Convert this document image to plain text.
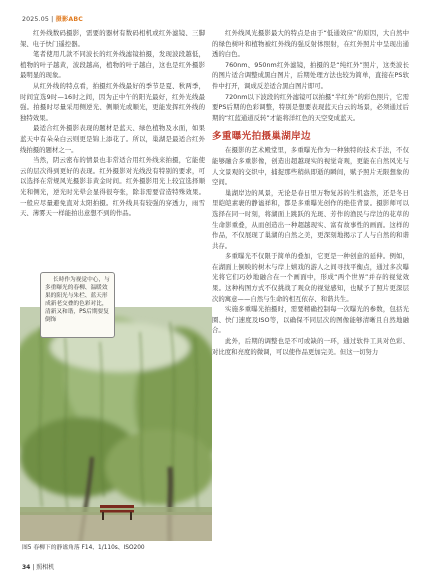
2025.05 | 摄影ABC

红外线数码摄影，需要的器材有数码相机或红外滤镜、三脚架、电子快门遥控器。

笔者使用几款不同波长的红外线滤镜拍摄，发现波段越低，植物的叶子越黄，波段越高，植物的叶子越白，这也是红外摄影最明显的现象。

从红外线的特点看，拍摄红外线最好的季节是夏、秋两季，时间宜选9时—16时之间，因为正中午的阳光最好，红外光线最强。拍摄时尽量采用侧逆光、侧顺光或顺光，更能发挥红外线的独特效果。

最适合红外摄影表现的题材是蓝天、绿色植物及水面，如果蓝天中有朵朵白云则更是锦上添花了。所以，巢湖是最适合红外线拍摄的题材之一。

当然，阴云密布的情景也非常适合用红外线来拍摄，它能使云的层次得到更好的表现。红外摄影对光线没有特别的要求，可以选择在常规风光摄影非黄金时间。红外摄影用光上较宜选择顺光和侧光，逆光时光晕会显得很夸张，除非需要营造特殊效果。一般应尽量避免直对太阳拍摄。红外线具有较强的穿透力，雨雪天、薄雾天一样能拍出意想不到的作品。

长時作为视觉中心，与多重曝光的春柳、温暖效果的阳光与朱栏、蓝天形成新老交叠的色彩对比，清新又和谐，PS后期要复倒饰
图5 春柳下的静谧角落 F14、1/110s、ISO200

红外线风光摄影最大的特点是由于“低通效应”的原因，大自然中的绿色树叶和植物被红外线的强反射体照射，在红外照片中呈现出通透的白色。

760nm、950nm红外滤镜，拍摄的是“纯红外”照片，这类波长的图片适合调整成黑白图片，后期处理方法也较为简单，直接在PS软件中打开，调成反差适合黑白图片即可。

720nm以下波段的红外滤镜可以拍摄“半红外”的彩色照片，它需要PS后期的色彩调整，特别是想要表现蓝天白云的场景，必须通过后期的“红蓝通道反转”才能将洋红色的天空变成蓝天。

多重曝光拍摄巢湖岸边

在摄影的艺术殿堂里，多重曝光作为一种独特的技术手法，不仅能够融合多重影像，创造出超越现实的视觉奇观，更能在自然风光与人文景观的交织中，捕捉那些稍纵即逝的瞬间，赋予照片无限想象的空间。

巢湖岸边的风景，无论是春日里万物复苏的生机盎然，还是冬日里皑皑素裹的静谧祥和，都是多重曝光创作的绝佳背景。摄影师可以选择在同一时刻，将湖面上跳跃的光斑、芳作的渔民与岸边的花草的生命影重叠，从而创造出一种超越现实、富有故事性的画面。这样的作品，不仅展现了巢湖的自然之美，更深刻地揭示了人与自然的和谐共存。

多重曝光不仅限于简单的叠加，它更是一种创意的延伸。例如，在湖面上倒映的树木与岸上嬉戏的游人之间寻找平衡点，通过多次曝光将它们巧妙地融合在一个画面中，形成“两个世界”并存的视觉效果。这种构图方式不仅挑战了观众的视觉感知，也赋予了照片更深层次的寓意——自然与生命的相互依存、和谐共生。

实施多重曝光拍摄时，需要精确控制每一次曝光的参数，包括光圈、快门速度及ISO等，以确保不同层次的图像能够清晰且自然地融合。

此外，后期的调整也是不可或缺的一环，通过软件工具对色彩、对比度和亮度的微调，可以使作品更加完美。但这一切努力

34 | 照相机
